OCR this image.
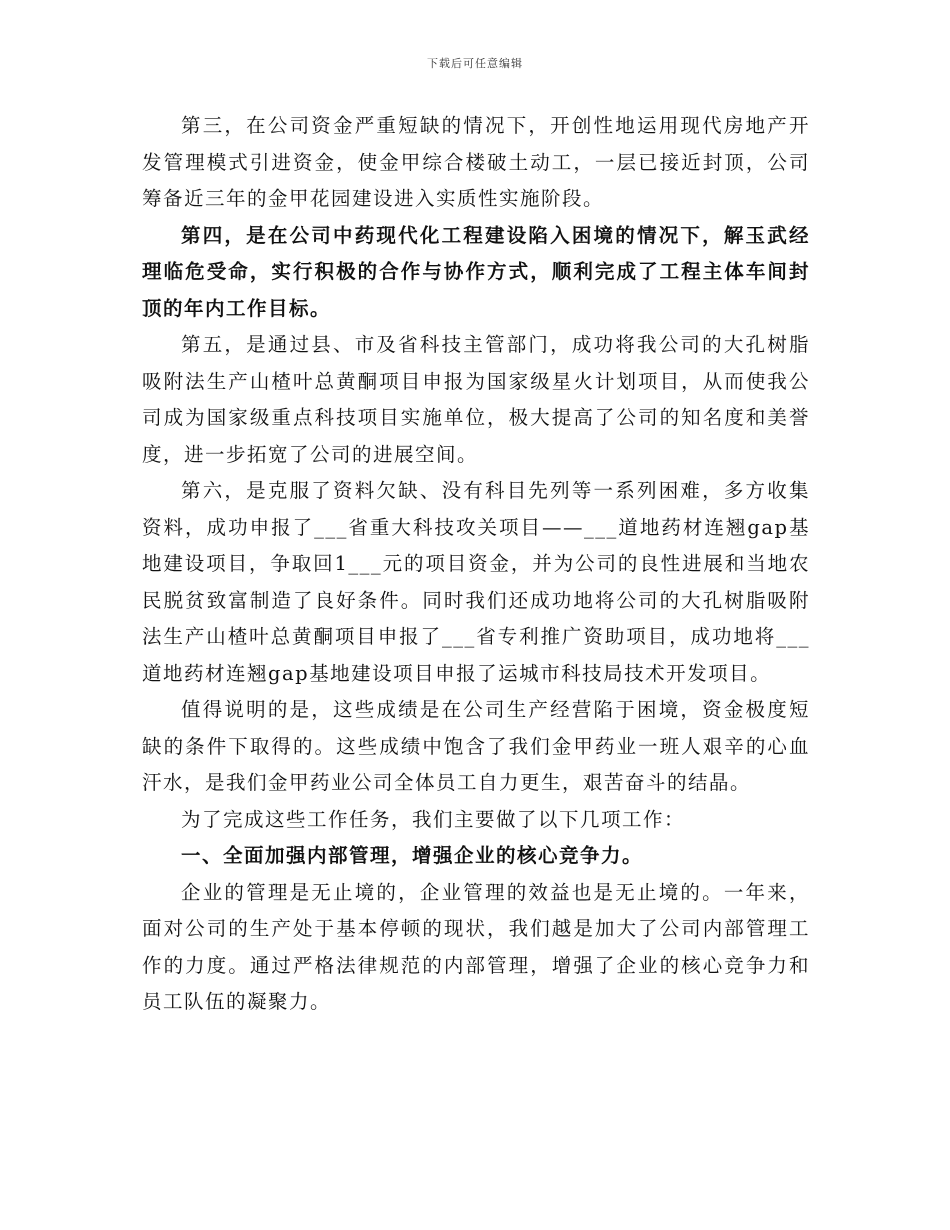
下载后可任意编辑

第三，在公司资金严重短缺的情况下，开创性地运用现代房地产开发管理模式引进资金，使金甲综合楼破土动工，一层已接近封顶，公司筹备近三年的金甲花园建设进入实质性实施阶段。

第四，是在公司中药现代化工程建设陷入困境的情况下，解玉武经理临危受命，实行积极的合作与协作方式，顺利完成了工程主体车间封顶的年内工作目标。

第五，是通过县、市及省科技主管部门，成功将我公司的大孔树脂吸附法生产山楂叶总黄酮项目申报为国家级星火计划项目，从而使我公司成为国家级重点科技项目实施单位，极大提高了公司的知名度和美誉度，进一步拓宽了公司的进展空间。

第六，是克服了资料欠缺、没有科目先列等一系列困难，多方收集资料，成功申报了___省重大科技攻关项目——___道地药材连翘gap基地建设项目，争取回1___元的项目资金，并为公司的良性进展和当地农民脱贫致富制造了良好条件。同时我们还成功地将公司的大孔树脂吸附法生产山楂叶总黄酮项目申报了___省专利推广资助项目，成功地将___道地药材连翘gap基地建设项目申报了运城市科技局技术开发项目。

值得说明的是，这些成绩是在公司生产经营陷于困境，资金极度短缺的条件下取得的。这些成绩中饱含了我们金甲药业一班人艰辛的心血汗水，是我们金甲药业公司全体员工自力更生，艰苦奋斗的结晶。

为了完成这些工作任务，我们主要做了以下几项工作：

一、全面加强内部管理，增强企业的核心竞争力。

企业的管理是无止境的，企业管理的效益也是无止境的。一年来，面对公司的生产处于基本停顿的现状，我们越是加大了公司内部管理工作的力度。通过严格法律规范的内部管理，增强了企业的核心竞争力和员工队伍的凝聚力。
